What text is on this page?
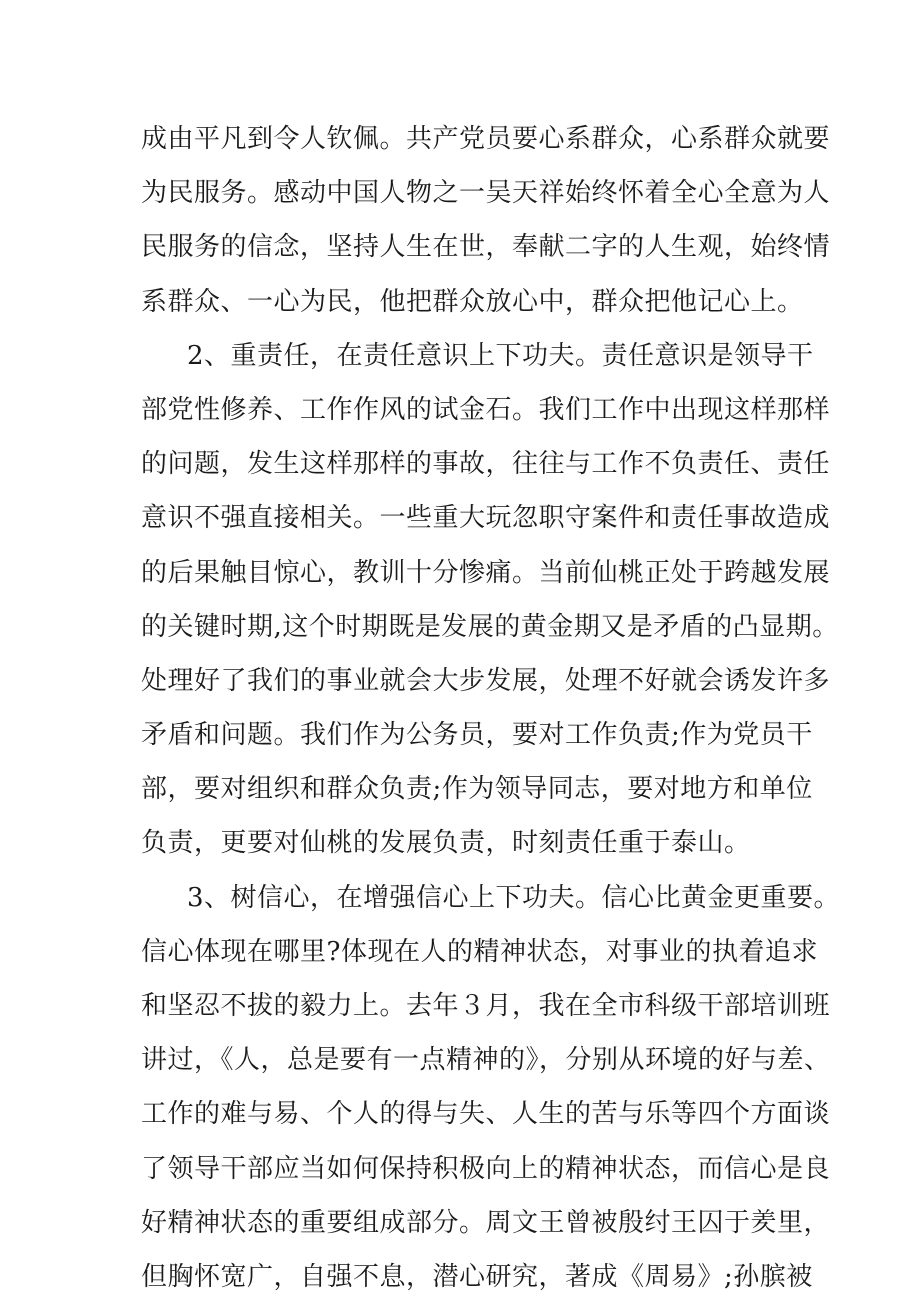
成由平凡到令人钦佩。共产党员要心系群众，心系群众就要
为民服务。感动中国人物之一吴天祥始终怀着全心全意为人
民服务的信念，坚持人生在世，奉献二字的人生观，始终情
系群众、一心为民，他把群众放心中，群众把他记心上。
2、重责任，在责任意识上下功夫。责任意识是领导干
部党性修养、工作作风的试金石。我们工作中出现这样那样
的问题，发生这样那样的事故，往往与工作不负责任、责任
意识不强直接相关。一些重大玩忽职守案件和责任事故造成
的后果触目惊心，教训十分惨痛。当前仙桃正处于跨越发展
的关键时期,这个时期既是发展的黄金期又是矛盾的凸显期。
处理好了我们的事业就会大步发展，处理不好就会诱发许多
矛盾和问题。我们作为公务员，要对工作负责;作为党员干
部，要对组织和群众负责;作为领导同志，要对地方和单位
负责，更要对仙桃的发展负责，时刻责任重于泰山。
3、树信心，在增强信心上下功夫。信心比黄金更重要。
信心体现在哪里?体现在人的精神状态，对事业的执着追求
和坚忍不拔的毅力上。去年３月，我在全市科级干部培训班
讲过，《人，总是要有一点精神的》，分别从环境的好与差、
工作的难与易、个人的得与失、人生的苦与乐等四个方面谈
了领导干部应当如何保持积极向上的精神状态，而信心是良
好精神状态的重要组成部分。周文王曾被殷纣王囚于羑里，
但胸怀宽广，自强不息，潜心研究，著成《周易》;孙膑被
